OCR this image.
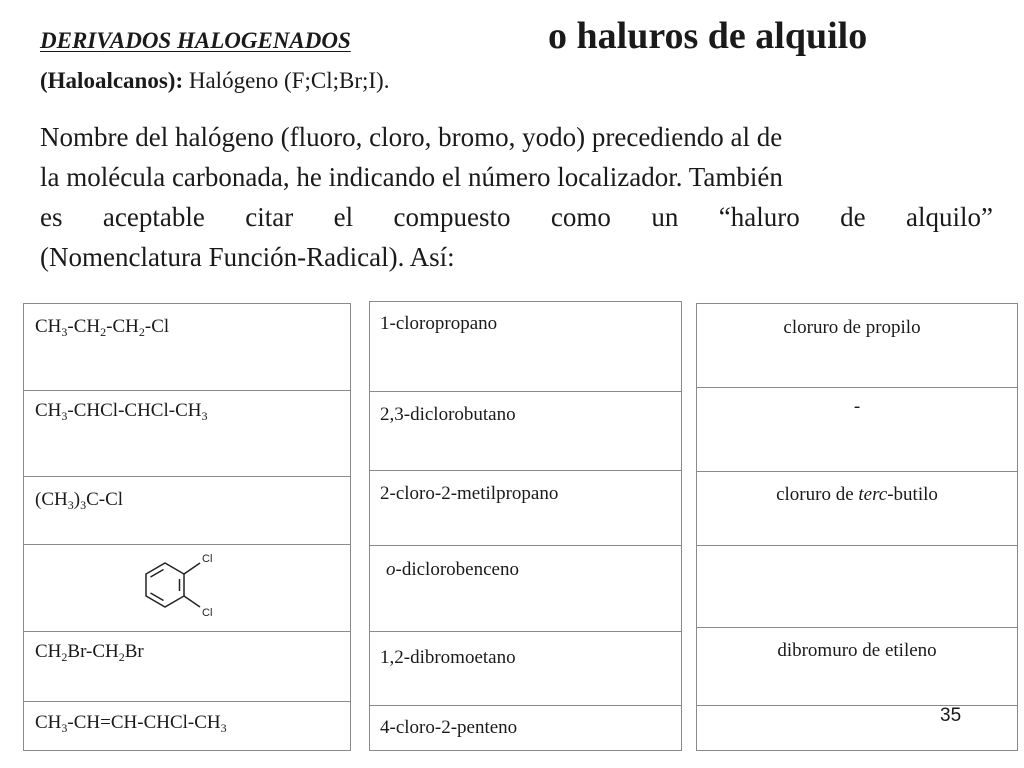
DERIVADOS HALOGENADOS	o haluros de alquilo
(Haloalcanos): Halógeno (F;Cl;Br;I).
Nombre del halógeno (fluoro, cloro, bromo, yodo) precediendo al de
la molécula carbonada, he indicando el número localizador. También
es aceptable citar el compuesto como un “haluro de alquilo”
(Nomenclatura Función-Radical). Así:
$CH_3-CH_2-CH_2-Cl$
$CH_3-CHCl-CHCl-CH_3$
$(CH_3)_3C-Cl$
Cl
Cl
$CH_2Br-CH_2Br$
$CH_3-CH=CH-CHCl-CH_3$
1-cloropropano
2,3-diclorobutano
2-cloro-2-metilpropano
o-diclorobenceno
1,2-dibromoetano
4-cloro-2-penteno
cloruro de propilo
-
cloruro de terc-butilo
dibromuro de etileno
35
